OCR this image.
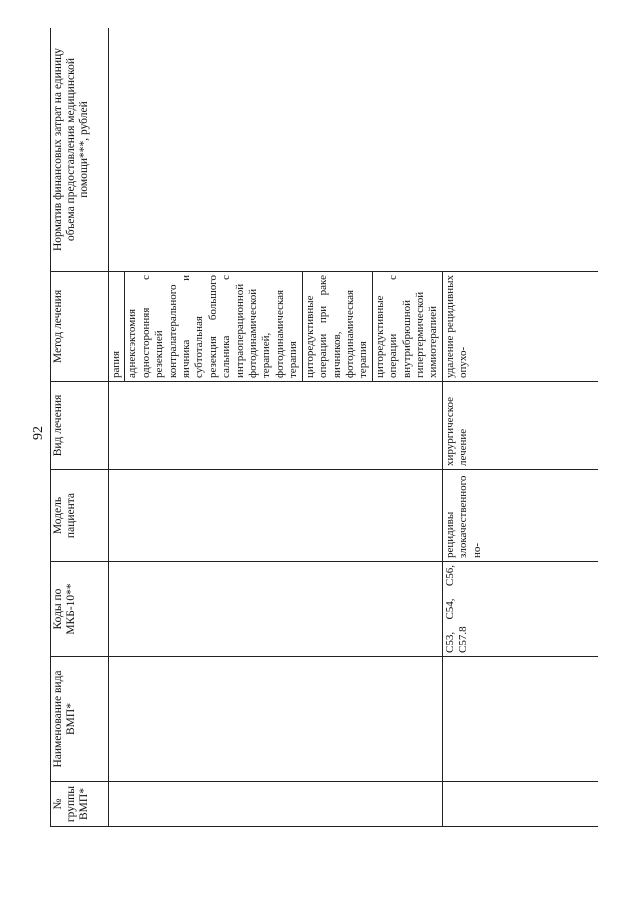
92
№ группы ВМП*	Наименование вида ВМП*	Коды по МКБ-10**	Модель пациента	Вид лечения	Метод лечения	Норматив финансовых затрат на единицу объема предоставления медицинской помощи***, рублей
					рапия	
					аднексэктомия односторонняя с резекцией контралатерального яичника и субтотальная резекция большого сальника с интраоперационной фотодинамической терапией, фотодинамическая терапия	
					циторедуктивные операции при раке яичников, фотодинамическая терапия	
					циторедуктивные операции с внутрибрюшной гипертермической химиотерапией	
		C53, C54, C56, C57.8	рецидивы злокачественного но-	хирургическое лечение	удаление рецидивных опухо-	
